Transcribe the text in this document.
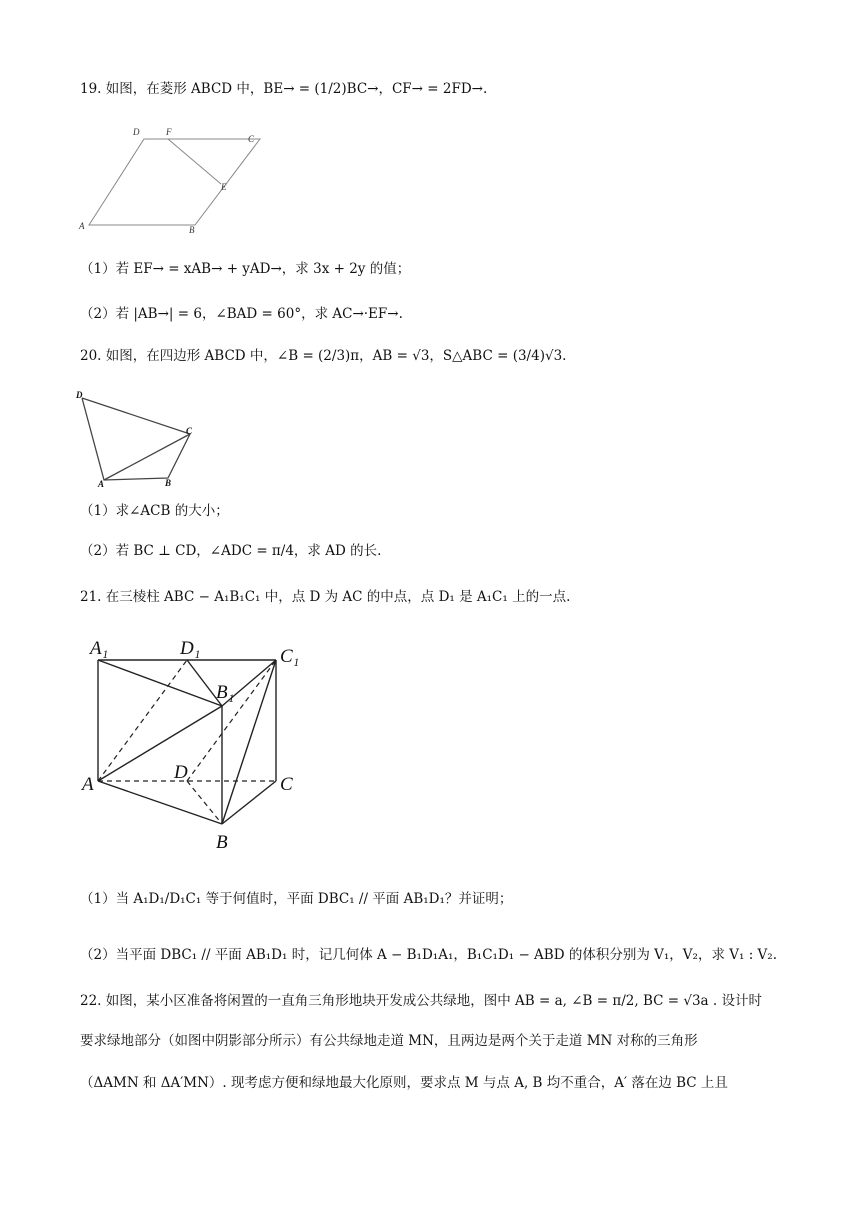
19. 如图，在菱形 ABCD 中，BE→ = (1/2)BC→，CF→ = 2FD→.
A	B
C
D
E
F
（1）若 EF→ = xAB→ + yAD→，求 3x + 2y 的值；
（2）若 |AB→| = 6，∠BAD = 60°，求 AC→·EF→.
20. 如图，在四边形 ABCD 中，∠B = (2/3)π，AB = √3，S△ABC = (3/4)√3.
D
A	B
C
（1）求∠ACB 的大小；
（2）若 BC ⊥ CD，∠ADC = π/4，求 AD 的长.
21. 在三棱柱 ABC − A₁B₁C₁ 中，点 D 为 AC 的中点，点 D₁ 是 A₁C₁ 上的一点.
A₁	D₁	C₁
B₁
A
D
C
B
（1）当 A₁D₁/D₁C₁ 等于何值时，平面 DBC₁ // 平面 AB₁D₁？并证明；
（2）当平面 DBC₁ // 平面 AB₁D₁ 时，记几何体 A − B₁D₁A₁，B₁C₁D₁ − ABD 的体积分别为 V₁，V₂，求 V₁ : V₂.
22. 如图，某小区准备将闲置的一直角三角形地块开发成公共绿地，图中 AB = a, ∠B = π/2, BC = √3a . 设计时
要求绿地部分（如图中阴影部分所示）有公共绿地走道 MN，且两边是两个关于走道 MN 对称的三角形
（ΔAMN 和 ΔA′MN）. 现考虑方便和绿地最大化原则，要求点 M 与点 A, B 均不重合，A′ 落在边 BC 上且
